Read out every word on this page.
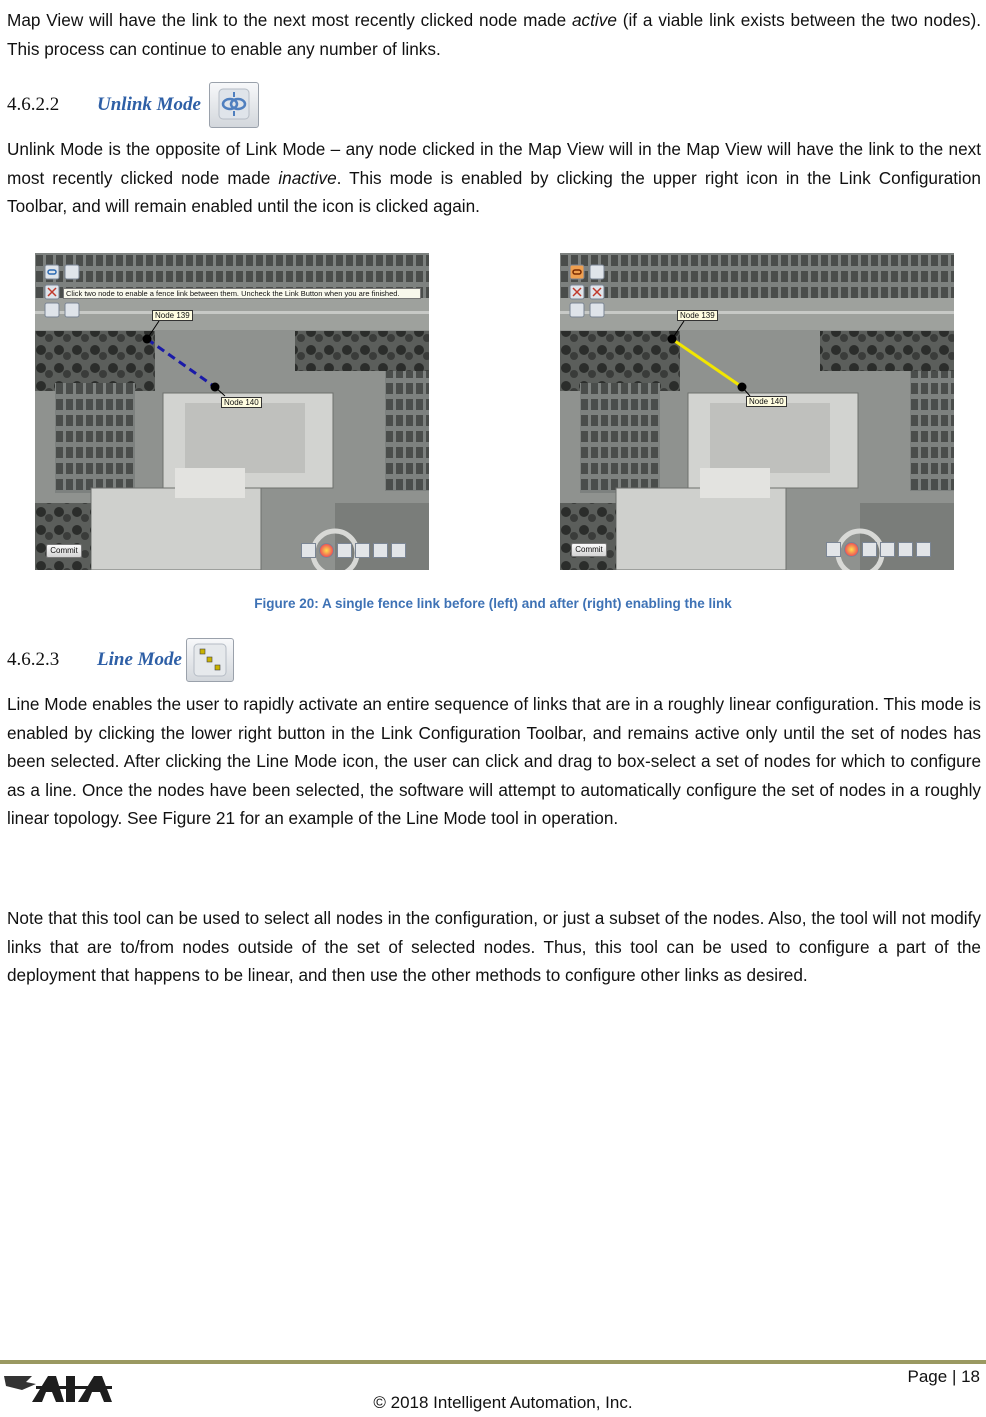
Map View will have the link to the next most recently clicked node made active (if a viable link exists between the two nodes). This process can continue to enable any number of links.
4.6.2.2	Unlink Mode
Unlink Mode is the opposite of Link Mode – any node clicked in the Map View will in the Map View will have the link to the next most recently clicked node made inactive. This mode is enabled by clicking the upper right icon in the Link Configuration Toolbar, and will remain enabled until the icon is clicked again.
Click two node to enable a fence link between them. Uncheck the Link Button when you are finished.
Node 139
Node 140
Commit
Node 139
Node 140
Commit
Figure 20: A single fence link before (left) and after (right) enabling the link
4.6.2.3	Line Mode
Line Mode enables the user to rapidly activate an entire sequence of links that are in a roughly linear configuration. This mode is enabled by clicking the lower right button in the Link Configuration Toolbar, and remains active only until the set of nodes has been selected. After clicking the Line Mode icon, the user can click and drag to box-select a set of nodes for which to configure as a line. Once the nodes have been selected, the software will attempt to automatically configure the set of nodes in a roughly linear topology. See Figure 21 for an example of the Line Mode tool in operation.
Note that this tool can be used to select all nodes in the configuration, or just a subset of the nodes. Also, the tool will not modify links that are to/from nodes outside of the set of selected nodes. Thus, this tool can be used to configure a part of the deployment that happens to be linear, and then use the other methods to configure other links as desired.
IAI
Page | 18
© 2018 Intelligent Automation, Inc.
